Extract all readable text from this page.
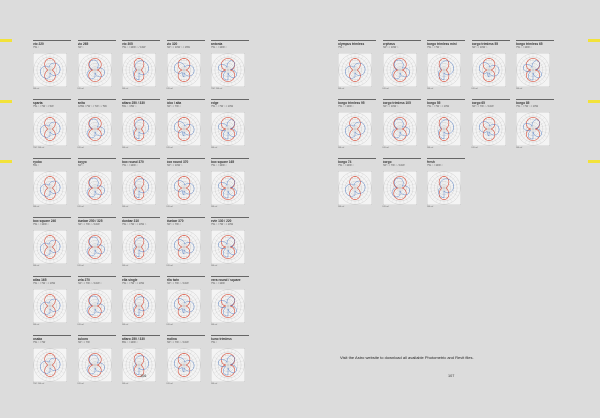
vio 220
7W ○
DB ref
vio 265
7W ○
DB ref
vio 305
7W ○ / 10W ○ / 16W
DB ref
vio 320
7W ○ / 10W ○ / 16W
DB ref
antonia
7W ○ / 10W ○
TBC DB ref
sparta
7W ○ / 7W ○ / 5W
TBC DB ref
anita
2x5W / 7W ○ / 7W ○ / 5W
DB ref
altaro 250 / 330
5W ○ / 8W ○
DB ref
loko / alta
7W ○ / 7W ○
DB ref
edge
7W ○ / 7W ○ / 10W
DB ref
ryobo
5W ○
DB ref
koyyo
8W ○
DB ref
box round 370
7W ○ / 10W ○
DB ref
box round 370
7W ○ / 10W ○
DB ref
box square 165
7W ○ / 10W ○
DB ref
box square 240
7W ○ / 10W ○
DB ref
dunbar 250 / 325
7W ○ / 7W ○ / 10W
DB ref
dunbar 310
7W ○ / 7W ○ / 10W ○
DB ref
dunbar 370
7W ○ / 7W ○
DB ref
evie 130 / 220
7W ○ / 7W ○ / 10W
DB ref
atlas 165
7W ○ / 7W ○ / 10W
DB ref
vela 270
7W ○ / 7W ○ / 10W ○
DB ref
ella single
7W ○ / 7W ○ / 10W
DB ref
ella twin
7W ○ / 7W ○ / 10W
DB ref
vera round / square
7W ○ / 10W
DB ref
osaka
7W ○ / 7W
TBC DB ref
kukoro
7W ○ / 7W
DB ref
altaro 250 / 330
8W ○ / 10W ○
DB ref
molina
7W ○ / 7W ○ / 10W
DB ref
kuno trimless
7W ○
DB ref
olympus trimless
7W ○
DB ref
orpheus
7W ○ / 10W ○
DB ref
borgo trimless mini
7W ○ / 7W ○
DB ref
borgo trimless 55
7W ○ / 10W ○
DB ref
borgo trimless 65
7W ○ / 10W ○
DB ref
borgo trimless 95
7W ○ / 10W ○
DB ref
borgo trimless 105
7W ○ / 10W ○
DB ref
borgo 55
7W ○ / 7W ○ / 10W
DB ref
borgo 65
7W ○ / 7W ○ / 10W
DB ref
borgo 85
7W ○ / 7W ○ / 10W
DB ref
borgo 74
7W ○ / 10W ○
DB ref
borgo
7W ○ / 7W ○ / 10W
DB ref
fresh
7W ○ / 10W ○
DB ref
Visit the Astro website to download all available Photometric and Revit files.
106	107
